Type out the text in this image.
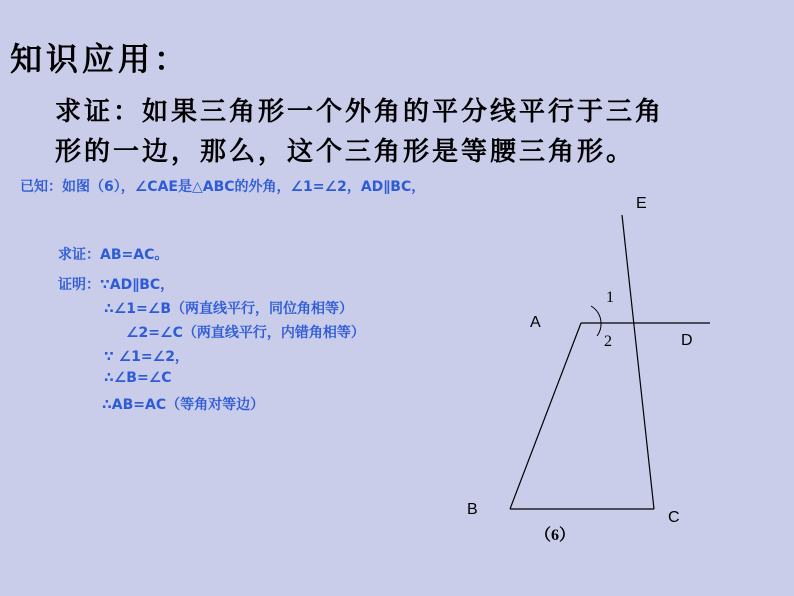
知识应用：
求证：如果三角形一个外角的平分线平行于三角
形的一边，那么，这个三角形是等腰三角形。
已知：如图（6），∠CAE是△ABC的外角，∠1=∠2，AD∥BC，
求证：AB=AC。
证明：∵AD∥BC，
∴∠1=∠B（两直线平行，同位角相等）
∠2=∠C（两直线平行，内错角相等）
∵ ∠1=∠2，
∴∠B=∠C
∴AB=AC（等角对等边）
E
A
D
B	C
1
2
（6）
